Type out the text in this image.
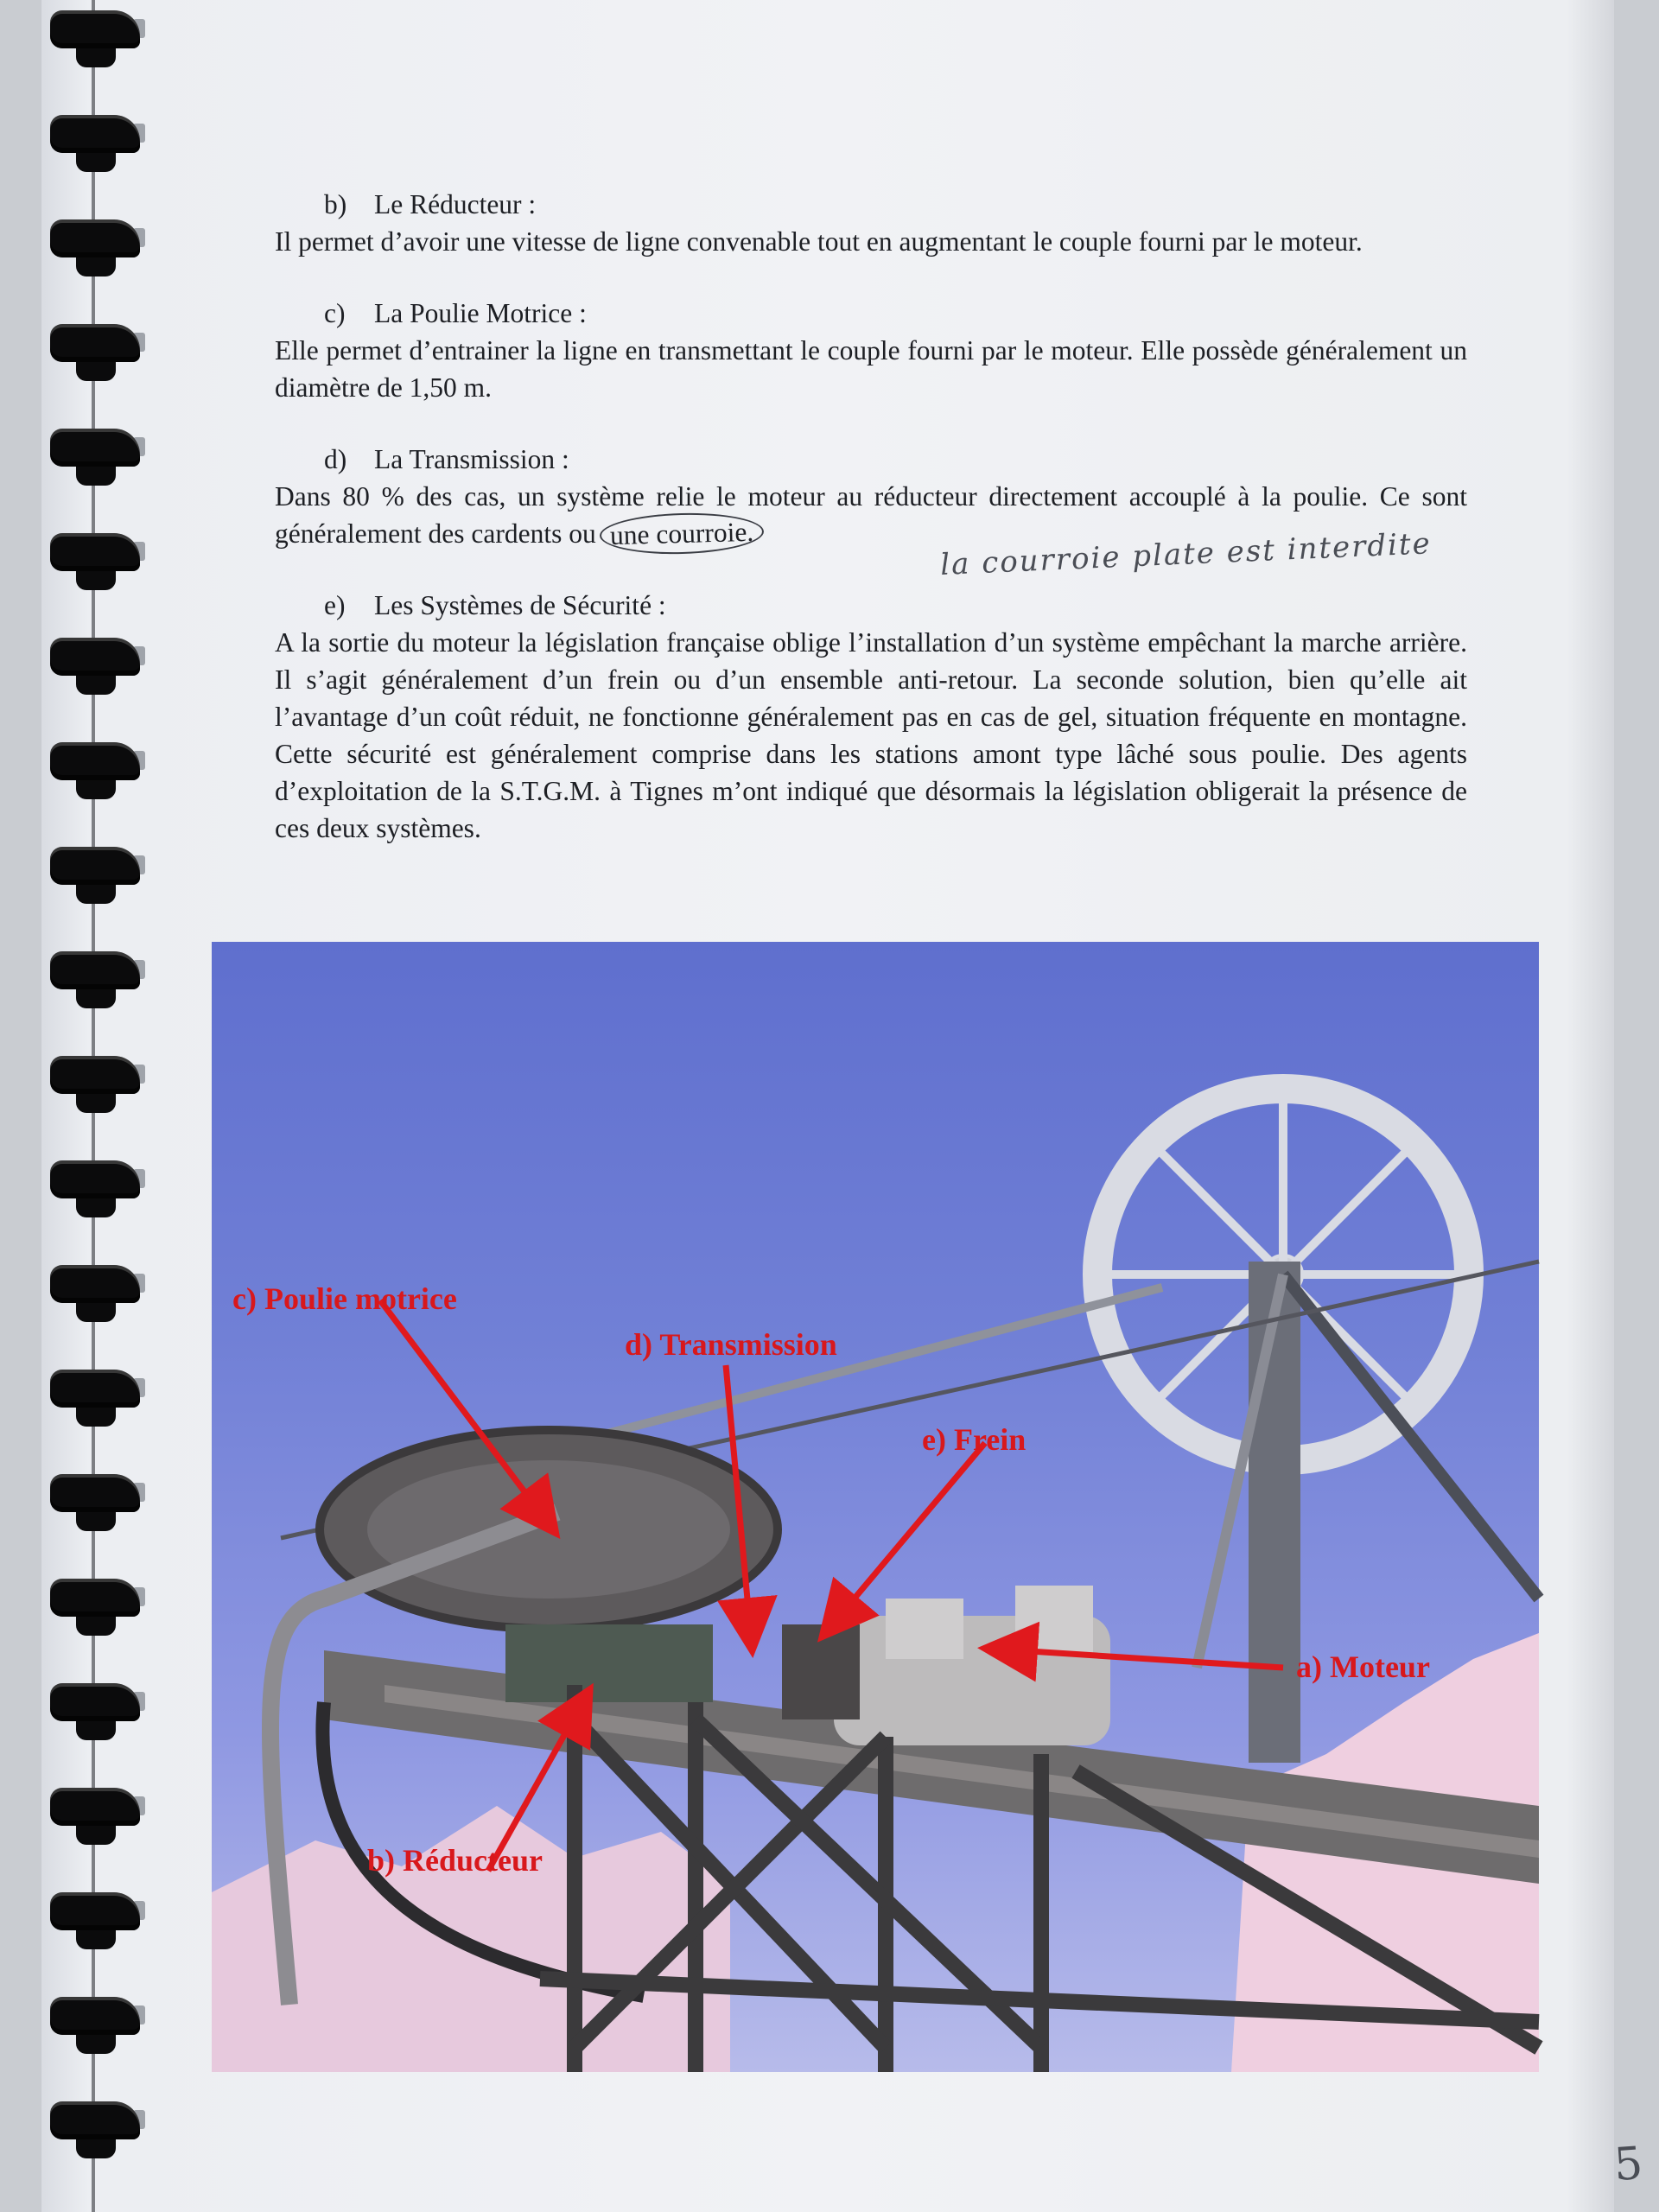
b) Le Réducteur :

Il permet d’avoir une vitesse de ligne convenable tout en augmentant le couple fourni par le moteur.

c) La Poulie Motrice :

Elle permet d’entrainer la ligne en transmettant le couple fourni par le moteur. Elle possède généralement un diamètre de 1,50 m.

d) La Transmission :

Dans 80 % des cas, un système relie le moteur au réducteur directement accouplé à la poulie. Ce sont généralement des cardents ou une courroie.

e) Les Systèmes de Sécurité :

A la sortie du moteur la législation française oblige l’installation d’un système empêchant la marche arrière. Il s’agit généralement d’un frein ou d’un ensemble anti-retour. La seconde solution, bien qu’elle ait l’avantage d’un coût réduit, ne fonctionne généralement pas en cas de gel, situation fréquente en montagne. Cette sécurité est généralement comprise dans les stations amont type lâché sous poulie. Des agents d’exploitation de la S.T.G.M. à Tignes m’ont indiqué que désormais la législation obligerait la présence de ces deux systèmes.

la courroie plate est interdite
c) Poulie motrice
d) Transmission
e) Frein
a) Moteur
b) Réducteur
5
